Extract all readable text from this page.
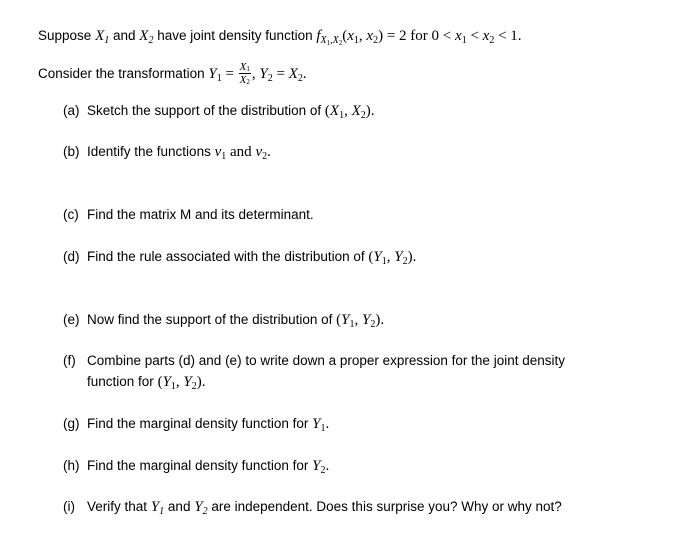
Suppose $X_1$ and $X_2$ have joint density function $f_{X_1,X_2}(x_1$, $x_2) = 2$ for $0 < x_1 < x_2 < 1$.
Consider the transformation $Y_1 = \frac{X_1}{X_2}$ , $Y_2 = X_2$.
(a) Sketch the support of the distribution of ($X_1$, $X_2$).
(b) Identify the functions $v_1$ and $v_2$.
(c) Find the matrix M and its determinant.
(d) Find the rule associated with the distribution of ($Y_1$, $Y_2$).
(e) Now find the support of the distribution of ($Y_1$, $Y_2$).
(f) Combine parts (d) and (e) to write down a proper expression for the joint density
function for ($Y_1$, $Y_2$).
(g) Find the marginal density function for $Y_1$.
(h) Find the marginal density function for $Y_2$.
(i) Verify that $Y_1$ and $Y_2$ are independent. Does this surprise you? Why or why not?
